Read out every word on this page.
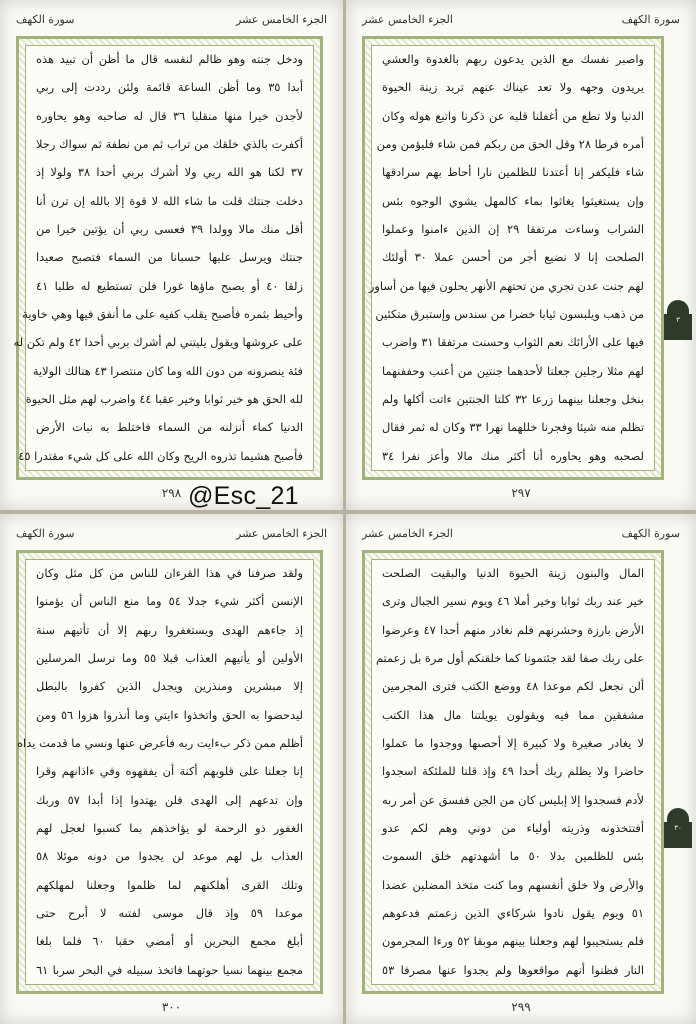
سورة الكهف	الجزء الخامس عشر
ودخل جنته وهو ظالم لنفسه قال ما أظن أن تبيد هذه
أبدا ٣٥ وما أظن الساعة قائمة ولئن رددت إلى ربي
لأجدن خيرا منها منقلبا ٣٦ قال له صاحبه وهو يحاوره
أكفرت بالذي خلقك من تراب ثم من نطفة ثم سواك رجلا
٣٧ لكنا هو الله ربي ولا أشرك بربي أحدا ٣٨ ولولا إذ
دخلت جنتك قلت ما شاء الله لا قوة إلا بالله إن ترن أنا
أقل منك مالا وولدا ٣٩ فعسى ربي أن يؤتين خيرا من
جنتك ويرسل عليها حسبانا من السماء فتصبح صعيدا
زلقا ٤٠ أو يصبح ماؤها غورا فلن تستطيع له طلبا ٤١
وأحيط بثمره فأصبح يقلب كفيه على ما أنفق فيها وهي خاوية
على عروشها ويقول يليتني لم أشرك بربي أحدا ٤٢ ولم تكن له
فئة ينصرونه من دون الله وما كان منتصرا ٤٣ هنالك الولاية
لله الحق هو خير ثوابا وخير عقبا ٤٤ واضرب لهم مثل الحيوة
الدنيا كماء أنزلنه من السماء فاختلط به نبات الأرض
فأصبح هشيما تذروه الريح وكان الله على كل شيء مقتدرا ٤٥
٢٩٨
الجزء الخامس عشر	سورة الكهف
واصبر نفسك مع الذين يدعون ربهم بالغدوة والعشي
يريدون وجهه ولا تعد عيناك عنهم تريد زينة الحيوة
الدنيا ولا تطع من أغفلنا قلبه عن ذكرنا واتبع هوله وكان
أمره فرطا ٢٨ وقل الحق من ربكم فمن شاء فليؤمن ومن
شاء فليكفر إنا أعتدنا للظلمين نارا أحاط بهم سرادقها
وإن يستغيثوا يغاثوا بماء كالمهل يشوي الوجوه بئس
الشراب وساءت مرتفقا ٢٩ إن الذين ءامنوا وعملوا
الصلحت إنا لا نضيع أجر من أحسن عملا ٣٠ أولئك
لهم جنت عدن تجري من تحتهم الأنهر يحلون فيها من أساور
من ذهب ويلبسون ثيابا خضرا من سندس وإستبرق متكئين
فيها على الأرائك نعم الثواب وحسنت مرتفقا ٣١ واضرب
لهم مثلا رجلين جعلنا لأحدهما جنتين من أعنب وحففنهما
بنخل وجعلنا بينهما زرعا ٣٢ كلتا الجنتين ءاتت أكلها ولم
تظلم منه شيئا وفجرنا خللهما نهرا ٣٣ وكان له ثمر فقال
لصحبه وهو يحاوره أنا أكثر منك مالا وأعز نفرا ٣٤
٢٩٧
سورة الكهف	الجزء الخامس عشر
ولقد صرفنا في هذا القرءان للناس من كل مثل وكان
الإنسن أكثر شيء جدلا ٥٤ وما منع الناس أن يؤمنوا
إذ جاءهم الهدى ويستغفروا ربهم إلا أن تأتيهم سنة
الأولين أو يأتيهم العذاب قبلا ٥٥ وما نرسل المرسلين
إلا مبشرين ومنذرين ويجدل الذين كفروا بالبطل
ليدحضوا به الحق واتخذوا ءايتي وما أنذروا هزوا ٥٦ ومن
أظلم ممن ذكر بءايت ربه فأعرض عنها ونسي ما قدمت يداه
إنا جعلنا على قلوبهم أكنة أن يفقهوه وفي ءاذانهم وقرا
وإن تدعهم إلى الهدى فلن يهتدوا إذا أبدا ٥٧ وربك
الغفور ذو الرحمة لو يؤاخذهم بما كسبوا لعجل لهم
العذاب بل لهم موعد لن يجدوا من دونه موئلا ٥٨
وتلك القرى أهلكنهم لما ظلموا وجعلنا لمهلكهم
موعدا ٥٩ وإذ قال موسى لفتىه لا أبرح حتى
أبلغ مجمع البحرين أو أمضي حقبا ٦٠ فلما بلغا
مجمع بينهما نسيا حوتهما فاتخذ سبيله في البحر سربا ٦١
٣٠٠
الجزء الخامس عشر	سورة الكهف
المال والبنون زينة الحيوة الدنيا والبقيت الصلحت
خير عند ربك ثوابا وخير أملا ٤٦ ويوم نسير الجبال وترى
الأرض بارزة وحشرنهم فلم نغادر منهم أحدا ٤٧ وعرضوا
على ربك صفا لقد جئتمونا كما خلقنكم أول مرة بل زعمتم
ألن نجعل لكم موعدا ٤٨ ووضع الكتب فترى المجرمين
مشفقين مما فيه ويقولون يويلتنا مال هذا الكتب
لا يغادر صغيرة ولا كبيرة إلا أحصىها ووجدوا ما عملوا
حاضرا ولا يظلم ربك أحدا ٤٩ وإذ قلنا للملئكة اسجدوا
لأدم فسجدوا إلا إبليس كان من الجن ففسق عن أمر ربه
أفتتخذونه وذريته أولياء من دوني وهم لكم عدو
بئس للظلمين بدلا ٥٠ ما أشهدتهم خلق السموت
والأرض ولا خلق أنفسهم وما كنت متخذ المضلين عضدا
٥١ ويوم يقول نادوا شركاءي الذين زعمتم فدعوهم
فلم يستجيبوا لهم وجعلنا بينهم موبقا ٥٢ ورءا المجرمون
النار فظنوا أنهم مواقعوها ولم يجدوا عنها مصرفا ٥٣
٢٩٩
٣
٣٠
@Esc_21
